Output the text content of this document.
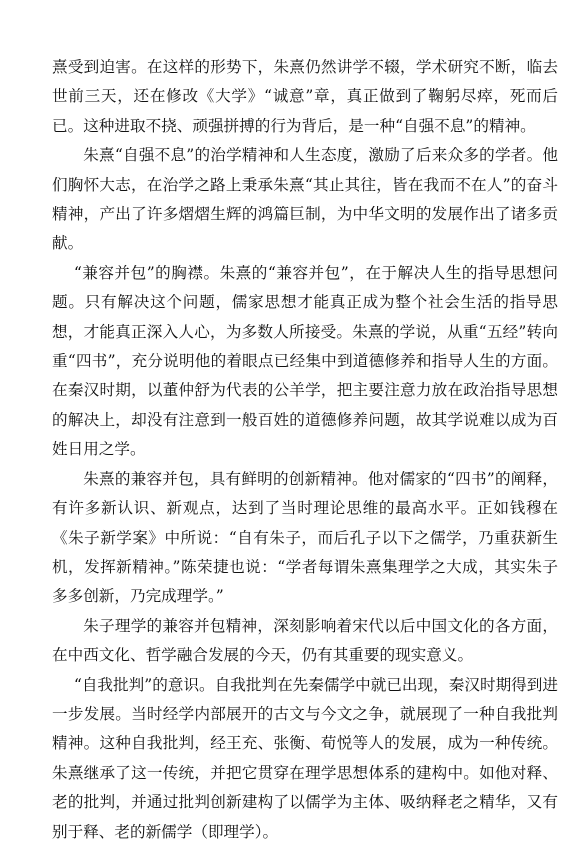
熹受到迫害。在这样的形势下，朱熹仍然讲学不辍，学术研究不断，临去世前三天，还在修改《大学》“诚意”章，真正做到了鞠躬尽瘁，死而后已。这种进取不挠、顽强拼搏的行为背后，是一种“自强不息”的精神。

朱熹“自强不息”的治学精神和人生态度，激励了后来众多的学者。他们胸怀大志，在治学之路上秉承朱熹“其止其往，皆在我而不在人”的奋斗精神，产出了许多熠熠生辉的鸿篇巨制，为中华文明的发展作出了诸多贡献。

“兼容并包”的胸襟。朱熹的“兼容并包”，在于解决人生的指导思想问题。只有解决这个问题，儒家思想才能真正成为整个社会生活的指导思想，才能真正深入人心，为多数人所接受。朱熹的学说，从重“五经”转向重“四书”，充分说明他的着眼点已经集中到道德修养和指导人生的方面。在秦汉时期，以董仲舒为代表的公羊学，把主要注意力放在政治指导思想的解决上，却没有注意到一般百姓的道德修养问题，故其学说难以成为百姓日用之学。

朱熹的兼容并包，具有鲜明的创新精神。他对儒家的“四书”的阐释，有许多新认识、新观点，达到了当时理论思维的最高水平。正如钱穆在《朱子新学案》中所说：“自有朱子，而后孔子以下之儒学，乃重获新生机，发挥新精神。”陈荣捷也说：“学者每谓朱熹集理学之大成，其实朱子多多创新，乃完成理学。”

朱子理学的兼容并包精神，深刻影响着宋代以后中国文化的各方面，在中西文化、哲学融合发展的今天，仍有其重要的现实意义。

“自我批判”的意识。自我批判在先秦儒学中就已出现，秦汉时期得到进一步发展。当时经学内部展开的古文与今文之争，就展现了一种自我批判精神。这种自我批判，经王充、张衡、荀悦等人的发展，成为一种传统。朱熹继承了这一传统，并把它贯穿在理学思想体系的建构中。如他对释、老的批判，并通过批判创新建构了以儒学为主体、吸纳释老之精华，又有别于释、老的新儒学（即理学）。
